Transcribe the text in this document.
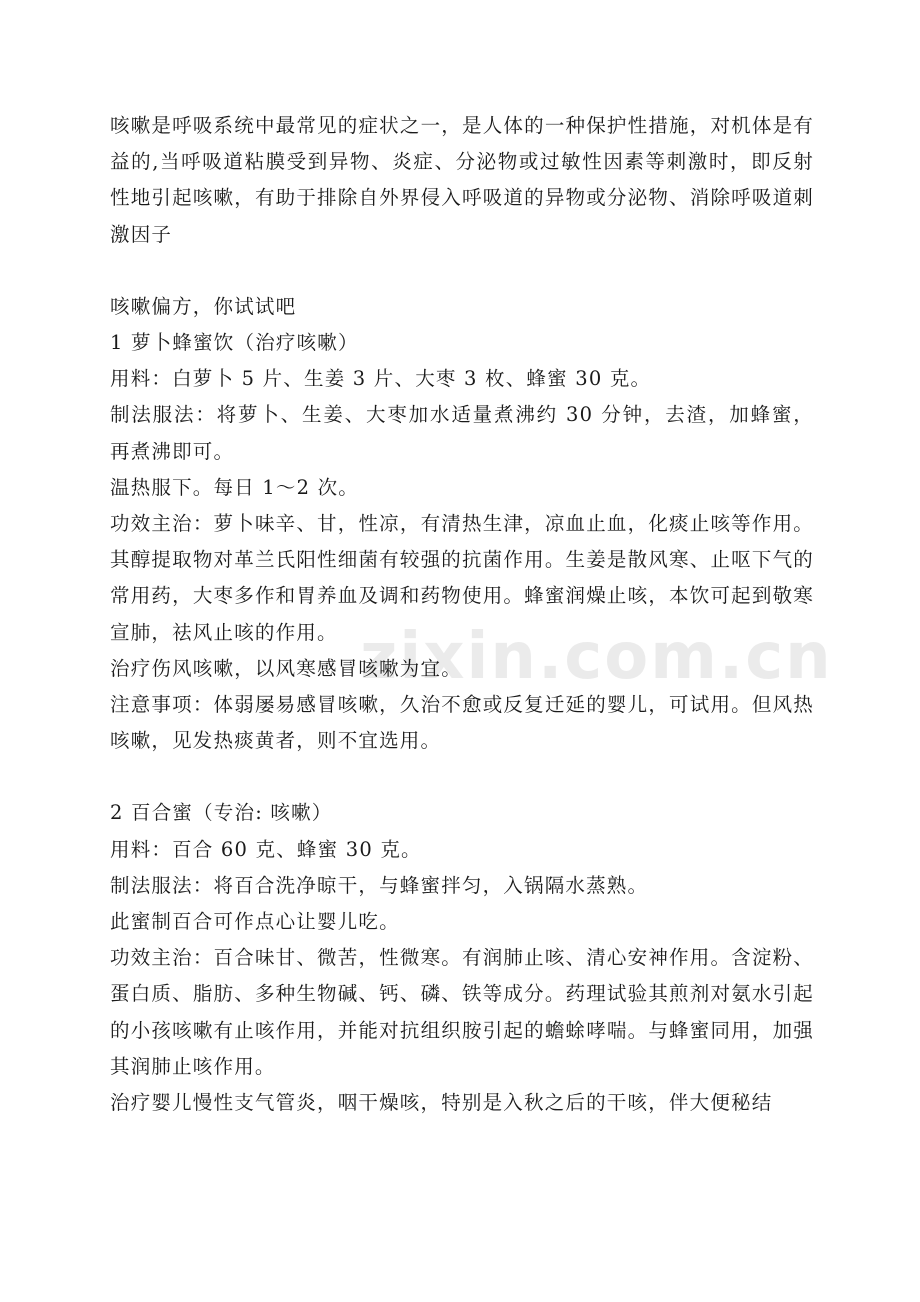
zixin.com.cn

咳嗽是呼吸系统中最常见的症状之一，是人体的一种保护性措施，对机体是有益的,当呼吸道粘膜受到异物、炎症、分泌物或过敏性因素等刺激时，即反射性地引起咳嗽，有助于排除自外界侵入呼吸道的异物或分泌物、消除呼吸道刺激因子

咳嗽偏方，你试试吧

1 萝卜蜂蜜饮（治疗咳嗽）

用料：白萝卜 5 片、生姜 3 片、大枣 3 枚、蜂蜜 30 克。

制法服法：将萝卜、生姜、大枣加水适量煮沸约 30 分钟，去渣，加蜂蜜，再煮沸即可。

温热服下。每日 1～2 次。

功效主治：萝卜味辛、甘，性凉，有清热生津，凉血止血，化痰止咳等作用。其醇提取物对革兰氏阳性细菌有较强的抗菌作用。生姜是散风寒、止呕下气的常用药，大枣多作和胃养血及调和药物使用。蜂蜜润燥止咳，本饮可起到敬寒宣肺，祛风止咳的作用。

治疗伤风咳嗽，以风寒感冒咳嗽为宜。

注意事项：体弱屡易感冒咳嗽，久治不愈或反复迁延的婴儿，可试用。但风热咳嗽，见发热痰黄者，则不宜选用。

2 百合蜜（专治: 咳嗽）

用料：百合 60 克、蜂蜜 30 克。

制法服法：将百合洗净晾干，与蜂蜜拌匀，入锅隔水蒸熟。

此蜜制百合可作点心让婴儿吃。

功效主治：百合味甘、微苦，性微寒。有润肺止咳、清心安神作用。含淀粉、蛋白质、脂肪、多种生物碱、钙、磷、铁等成分。药理试验其煎剂对氨水引起的小孩咳嗽有止咳作用，并能对抗组织胺引起的蟾蜍哮喘。与蜂蜜同用，加强其润肺止咳作用。

治疗婴儿慢性支气管炎，咽干燥咳，特别是入秋之后的干咳，伴大便秘结
